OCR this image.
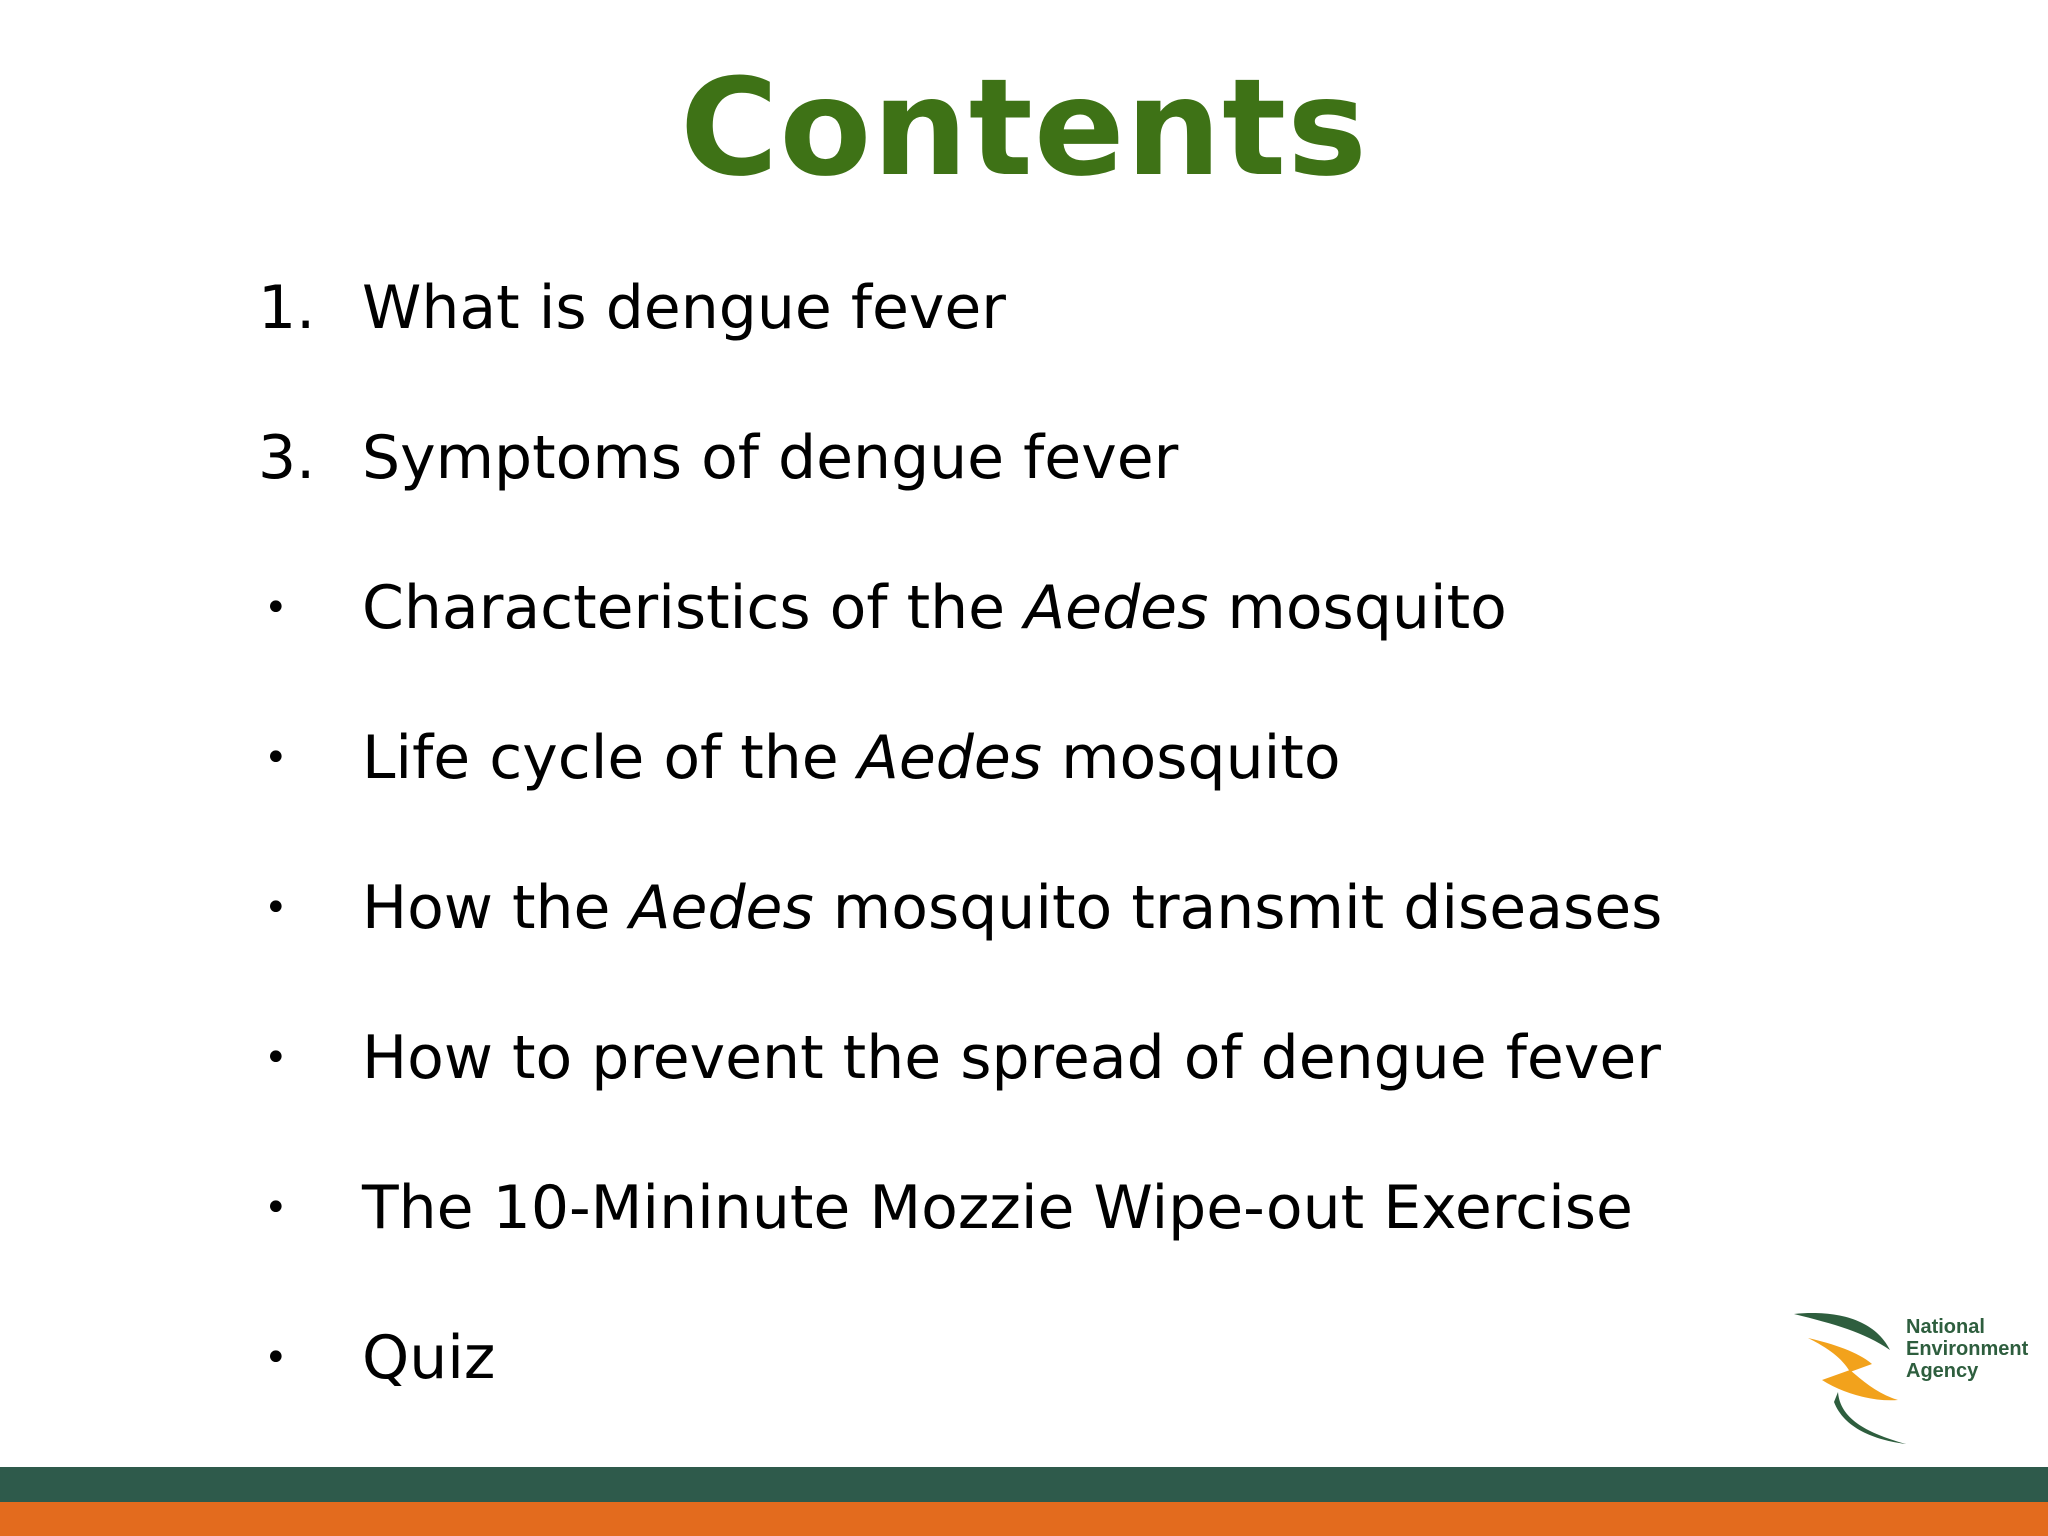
Contents
1. What is dengue fever
3. Symptoms of dengue fever
•	Characteristics of the Aedes mosquito
•	Life cycle of the Aedes mosquito
•	How the Aedes mosquito transmit diseases
•	How to prevent the spread of dengue fever
•	The 10-Mininute Mozzie Wipe-out Exercise
•	Quiz	National
Environment
Agency
